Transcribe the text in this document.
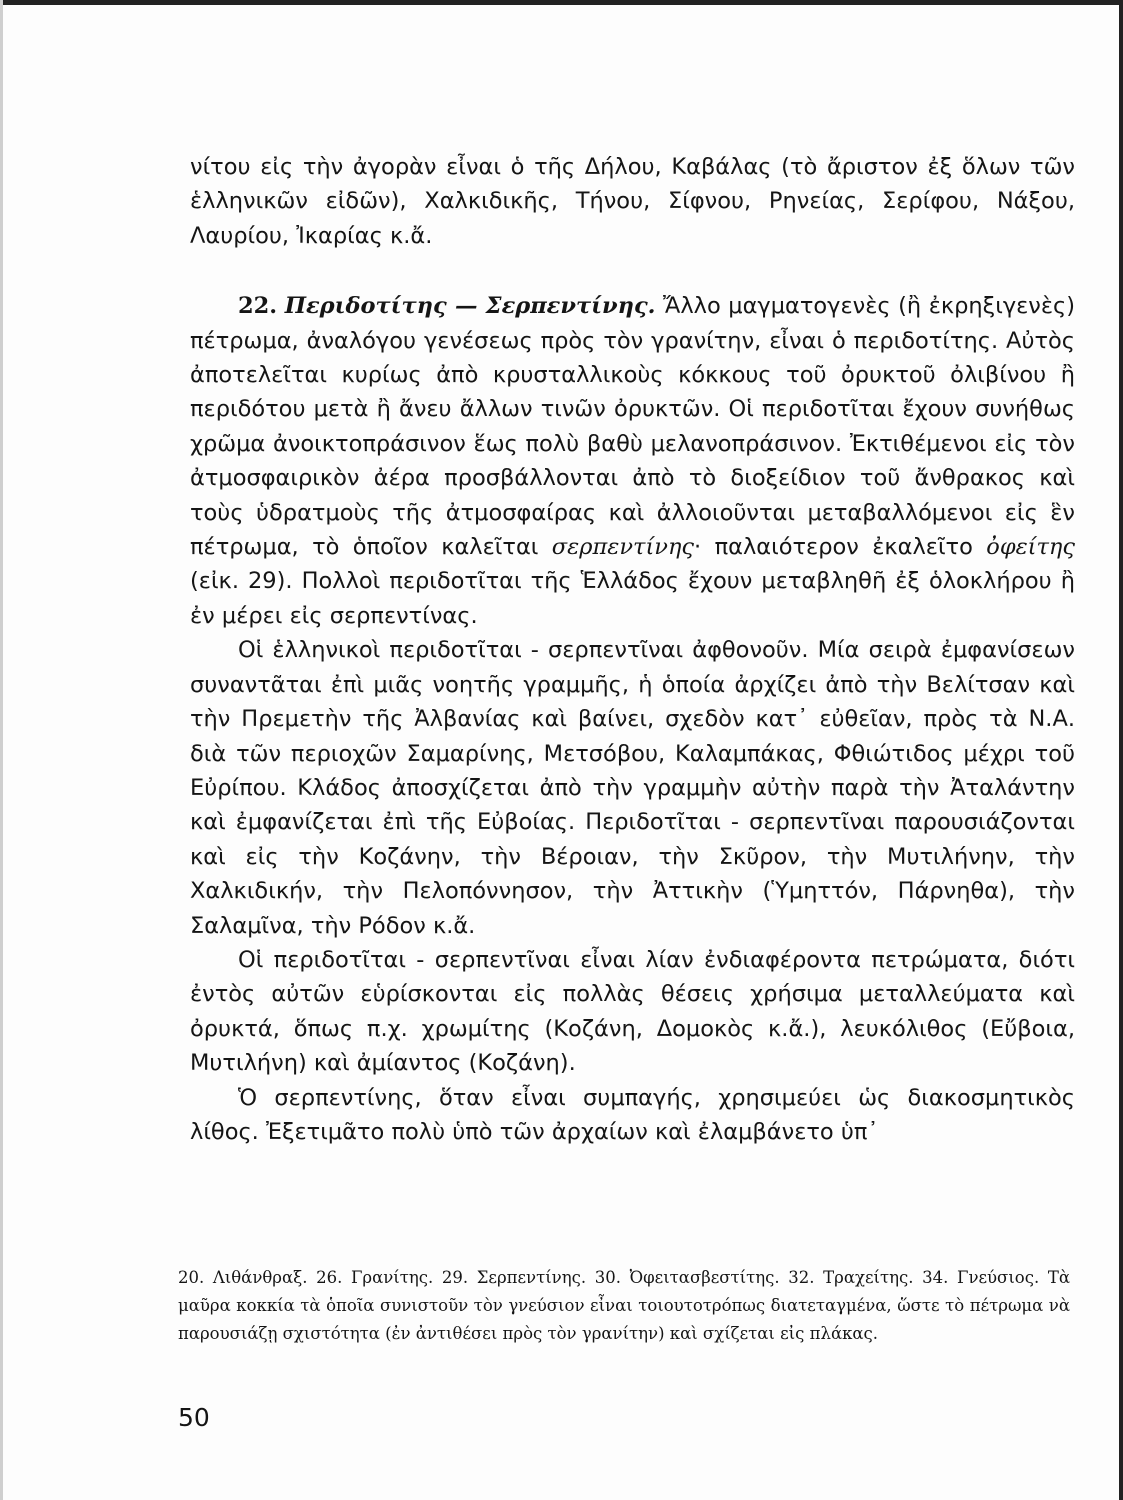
νίτου εἰς τὴν ἀγορὰν εἶναι ὁ τῆς Δήλου, Καβάλας (τὸ ἄριστον ἐξ ὅλων τῶν ἑλληνικῶν εἰδῶν), Χαλκιδικῆς, Τήνου, Σίφνου, Ρηνείας, Σερίφου, Νάξου, Λαυρίου, Ἰκαρίας κ.ἄ.

22. Περιδοτίτης — Σερπεντίνης. Ἄλλο μαγματογενὲς (ἢ ἐκρηξιγενὲς) πέτρωμα, ἀναλόγου γενέσεως πρὸς τὸν γρανίτην, εἶναι ὁ περιδοτίτης. Αὐτὸς ἀποτελεῖται κυρίως ἀπὸ κρυσταλλικοὺς κόκκους τοῦ ὀρυκτοῦ ὀλιβίνου ἢ περιδότου μετὰ ἢ ἄνευ ἄλλων τινῶν ὀρυκτῶν. Οἱ περιδοτῖται ἔχουν συνήθως χρῶμα ἀνοικτοπράσινον ἕως πολὺ βαθὺ μελανοπράσινον. Ἐκτιθέμενοι εἰς τὸν ἀτμοσφαιρικὸν ἀέρα προσβάλλονται ἀπὸ τὸ διοξείδιον τοῦ ἄνθρακος καὶ τοὺς ὑδρατμοὺς τῆς ἀτμοσφαίρας καὶ ἀλλοιοῦνται μεταβαλλόμενοι εἰς ἓν πέτρωμα, τὸ ὁποῖον καλεῖται σερπεντίνης· παλαιότερον ἐκαλεῖτο ὀφείτης (εἰκ. 29). Πολλοὶ περιδοτῖται τῆς Ἑλλάδος ἔχουν μεταβληθῆ ἐξ ὁλοκλήρου ἢ ἐν μέρει εἰς σερπεντίνας.

Οἱ ἑλληνικοὶ περιδοτῖται - σερπεντῖναι ἀφθονοῦν. Μία σειρὰ ἐμφανίσεων συναντᾶται ἐπὶ μιᾶς νοητῆς γραμμῆς, ἡ ὁποία ἀρχίζει ἀπὸ τὴν Βελίτσαν καὶ τὴν Πρεμετὴν τῆς Ἀλβανίας καὶ βαίνει, σχεδὸν κατ᾽ εὐθεῖαν, πρὸς τὰ Ν.Α. διὰ τῶν περιοχῶν Σαμαρίνης, Μετσόβου, Καλαμπάκας, Φθιώτιδος μέχρι τοῦ Εὐρίπου. Κλάδος ἀποσχίζεται ἀπὸ τὴν γραμμὴν αὐτὴν παρὰ τὴν Ἀταλάντην καὶ ἐμφανίζεται ἐπὶ τῆς Εὐβοίας. Περιδοτῖται - σερπεντῖναι παρουσιάζονται καὶ εἰς τὴν Κοζάνην, τὴν Βέροιαν, τὴν Σκῦρον, τὴν Μυτιλήνην, τὴν Χαλκιδικήν, τὴν Πελοπόννησον, τὴν Ἀττικὴν (Ὑμηττόν, Πάρνηθα), τὴν Σαλαμῖνα, τὴν Ρόδον κ.ἄ.

Οἱ περιδοτῖται - σερπεντῖναι εἶναι λίαν ἐνδιαφέροντα πετρώματα, διότι ἐντὸς αὐτῶν εὑρίσκονται εἰς πολλὰς θέσεις χρήσιμα μεταλλεύματα καὶ ὀρυκτά, ὅπως π.χ. χρωμίτης (Κοζάνη, Δομοκὸς κ.ἄ.), λευκόλιθος (Εὔβοια, Μυτιλήνη) καὶ ἀμίαντος (Κοζάνη).

Ὁ σερπεντίνης, ὅταν εἶναι συμπαγής, χρησιμεύει ὡς διακοσμητικὸς λίθος. Ἐξετιμᾶτο πολὺ ὑπὸ τῶν ἀρχαίων καὶ ἐλαμβάνετο ὑπ᾽

20. Λιθάνθραξ. 26. Γρανίτης. 29. Σερπεντίνης. 30. Ὀφειτασβεστίτης. 32. Τραχείτης. 34. Γνεύσιος. Τὰ μαῦρα κοκκία τὰ ὁποῖα συνιστοῦν τὸν γνεύσιον εἶναι τοιουτοτρόπως διατεταγμένα, ὥστε τὸ πέτρωμα νὰ παρουσιάζῃ σχιστότητα (ἐν ἀντιθέσει πρὸς τὸν γρανίτην) καὶ σχίζεται εἰς πλάκας.

50
